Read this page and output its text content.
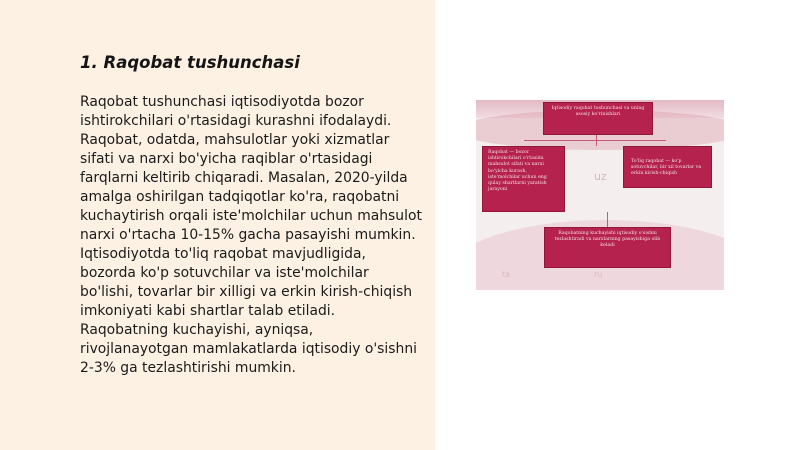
1. Raqobat tushunchasi

Raqobat tushunchasi iqtisodiyotda bozor ishtirokchilari o'rtasidagi kurashni ifodalaydi. Raqobat, odatda, mahsulotlar yoki xizmatlar sifati va narxi bo'yicha raqiblar o'rtasidagi farqlarni keltirib chiqaradi. Masalan, 2020-yilda amalga oshirilgan tadqiqotlar ko'ra, raqobatni kuchaytirish orqali iste'molchilar uchun mahsulot narxi o'rtacha 10-15% gacha pasayishi mumkin. Iqtisodiyotda to'liq raqobat mavjudligida, bozorda ko'p sotuvchilar va iste'molchilar bo'lishi, tovarlar bir xilligi va erkin kirish-chiqish imkoniyati kabi shartlar talab etiladi. Raqobatning kuchayishi, ayniqsa, rivojlanayotgan mamlakatlarda iqtisodiy o'sishni 2-3% ga tezlashtirishi mumkin.

uz
ta	ru
Iqtisodiy raqobat tushunchasi va uning asosiy ko'rinishlari
Raqobat — bozor ishtirokchilari o'rtasida mahsulot sifati va narxi bo'yicha kurash, iste'molchilar uchun eng qulay shartlarni yaratish jarayoni
To'liq raqobat — ko'p sotuvchilar, bir xil tovarlar va erkin kirish-chiqish
Raqobatning kuchayishi iqtisodiy o'sishni tezlashtiradi va narxlarning pasayishiga olib keladi
